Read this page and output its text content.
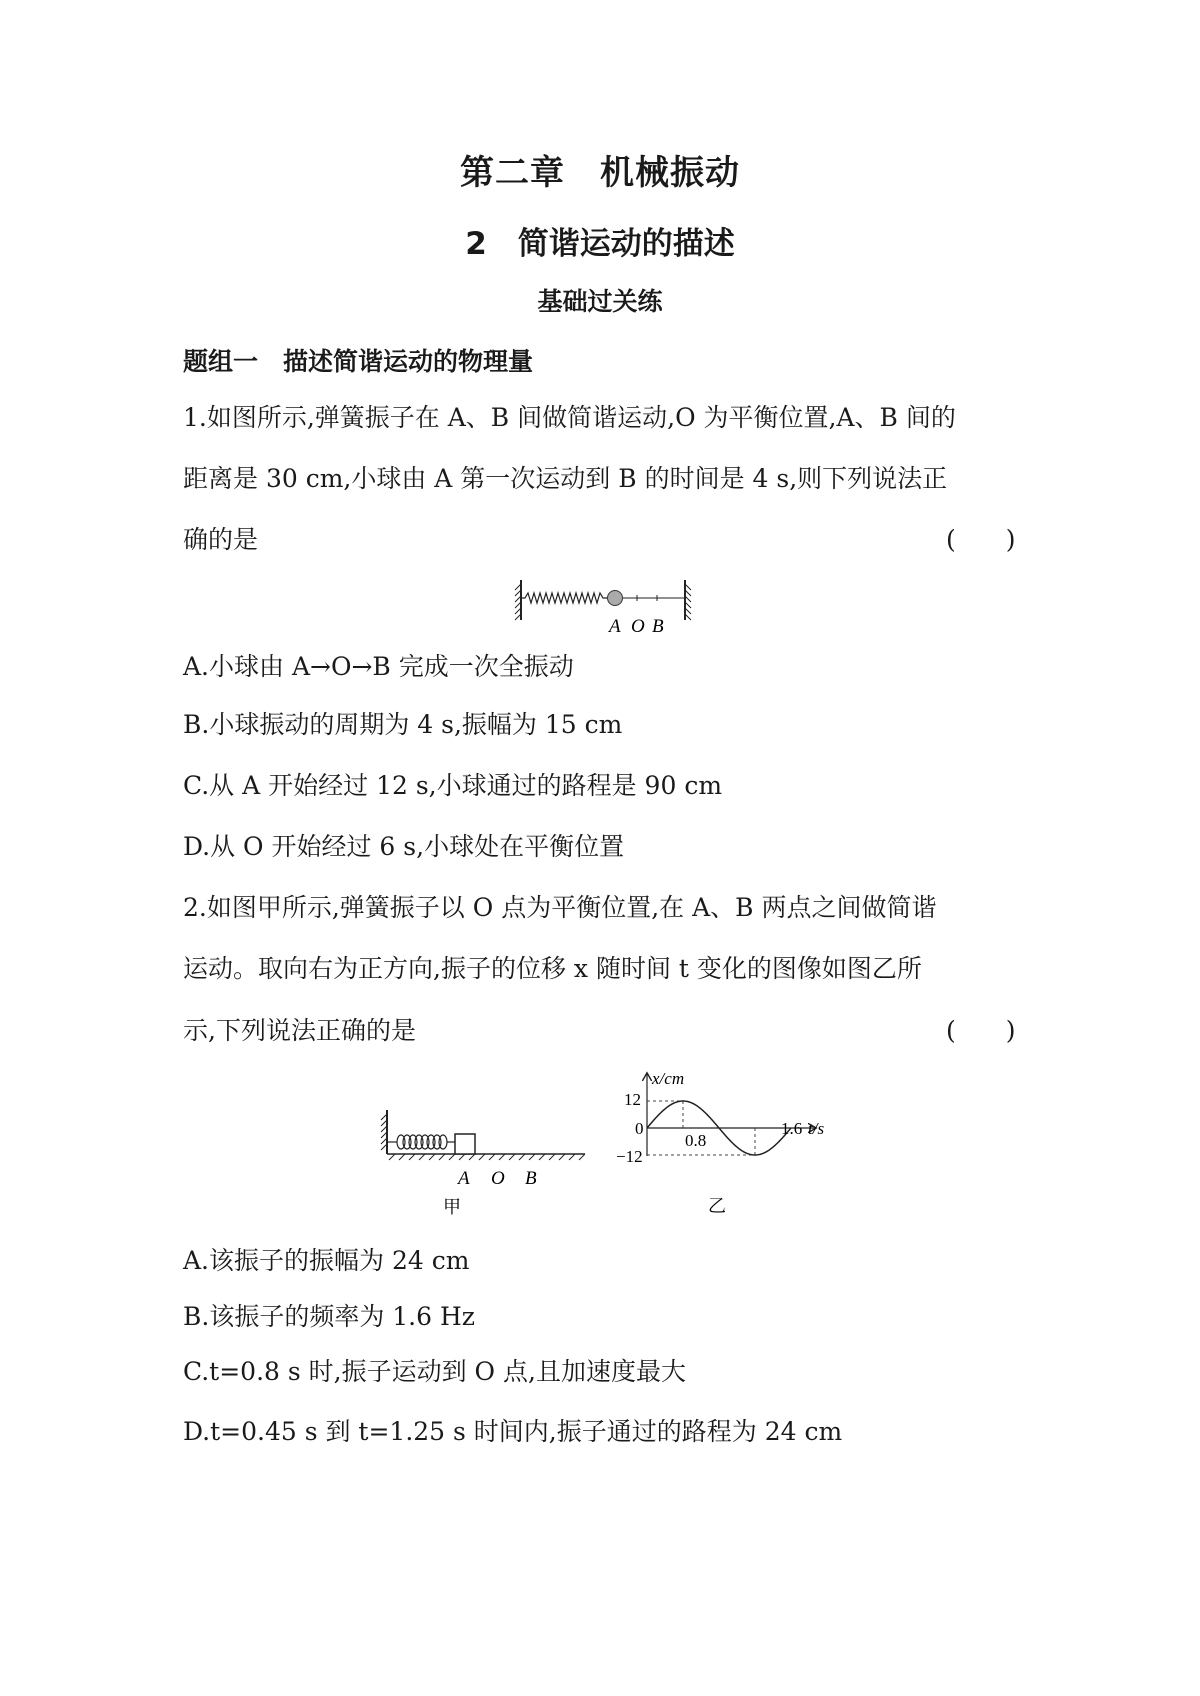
第二章　机械振动
2　简谐运动的描述
基础过关练
题组一　描述简谐运动的物理量
1.如图所示,弹簧振子在 A、B 间做简谐运动,O 为平衡位置,A、B 间的
距离是 30 cm,小球由 A 第一次运动到 B 的时间是 4 s,则下列说法正
确的是	(　　)
A O B
A.小球由 A→O→B 完成一次全振动
B.小球振动的周期为 4 s,振幅为 15 cm
C.从 A 开始经过 12 s,小球通过的路程是 90 cm
D.从 O 开始经过 6 s,小球处在平衡位置
2.如图甲所示,弹簧振子以 O 点为平衡位置,在 A、B 两点之间做简谐
运动。取向右为正方向,振子的位移 x 随时间 t 变化的图像如图乙所
示,下列说法正确的是	(　　)
A O B
甲
x/cm
1.6 t/s
12
0
−12
0.8
乙
A.该振子的振幅为 24 cm
B.该振子的频率为 1.6 Hz
C.t=0.8 s 时,振子运动到 O 点,且加速度最大
D.t=0.45 s 到 t=1.25 s 时间内,振子通过的路程为 24 cm
